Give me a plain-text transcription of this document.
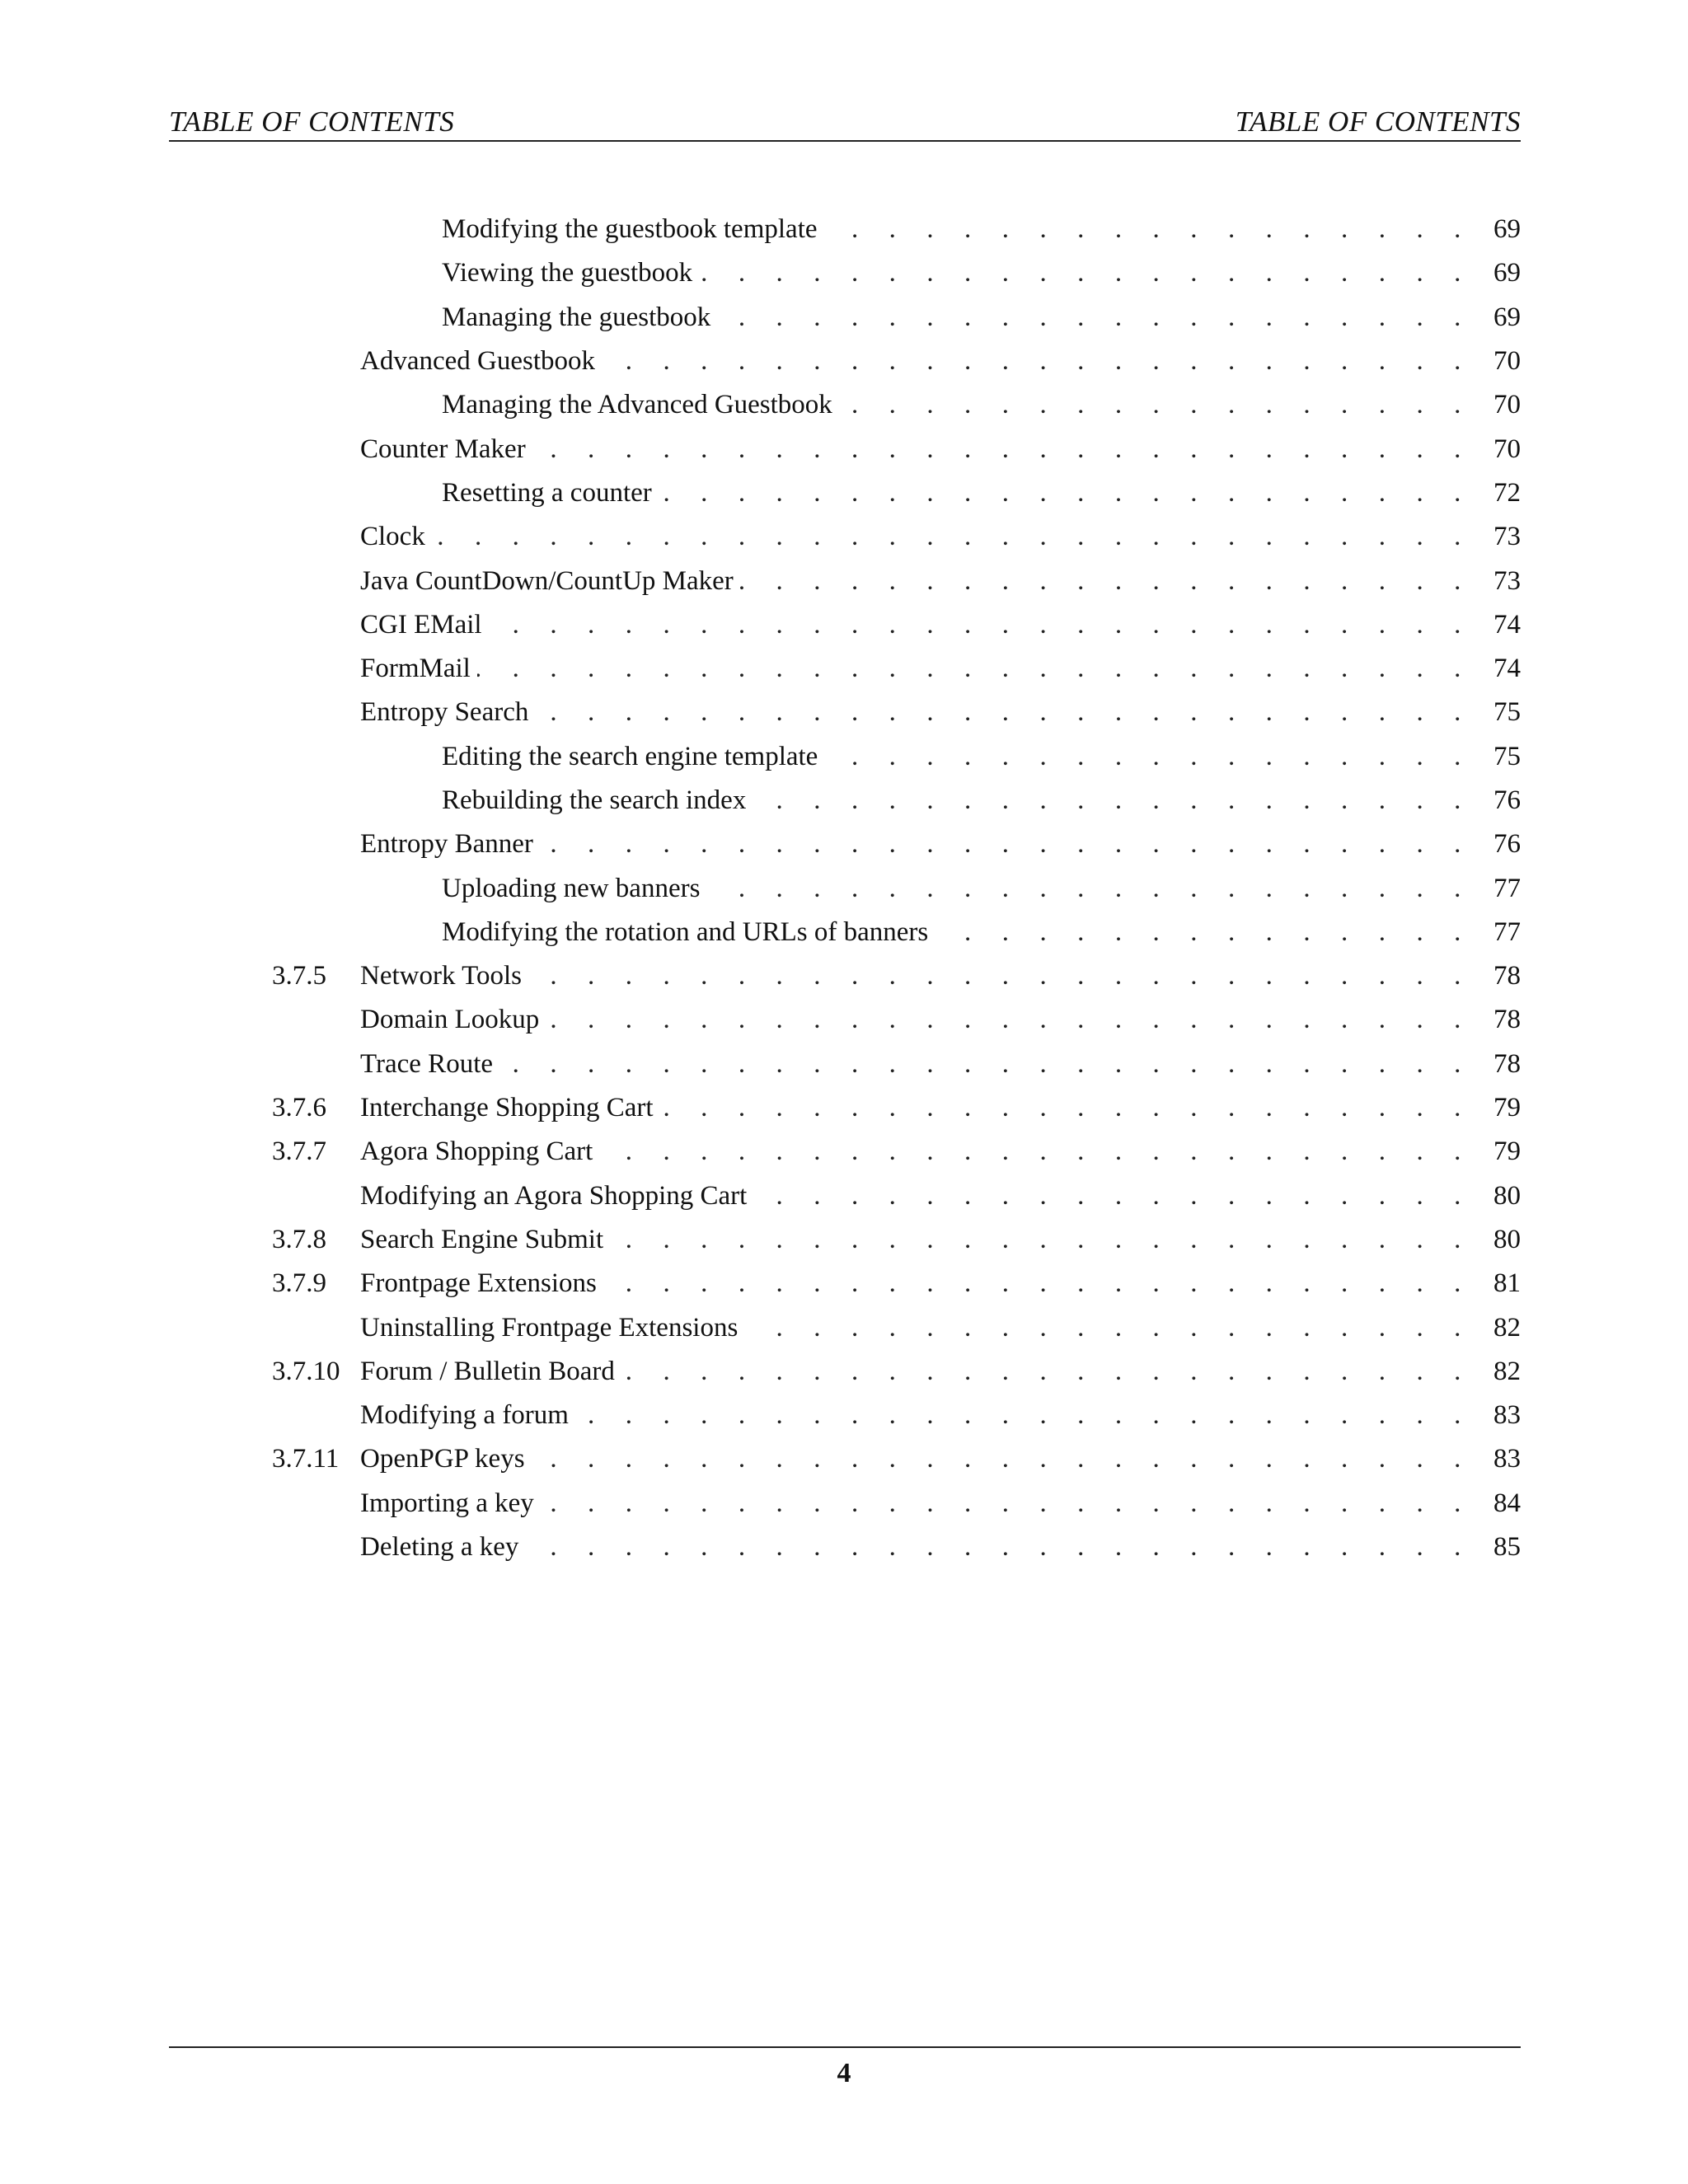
TABLE OF CONTENTS	TABLE OF CONTENTS
Modifying the guestbook template . . .	69
Viewing the guestbook . . .	69
Managing the guestbook . . .	69
Advanced Guestbook . . .	70
Managing the Advanced Guestbook . . .	70
Counter Maker . . .	70
Resetting a counter . . .	72
Clock . . .	73
Java CountDown/CountUp Maker . . .	73
CGI EMail . . .	74
FormMail . . .	74
Entropy Search . . .	75
Editing the search engine template . . .	75
Rebuilding the search index . . .	76
Entropy Banner . . .	76
Uploading new banners . . .	77
Modifying the rotation and URLs of banners . . .	77
3.7.5 Network Tools . . .	78
Domain Lookup . . .	78
Trace Route . . .	78
3.7.6 Interchange Shopping Cart . . .	79
3.7.7 Agora Shopping Cart . . .	79
Modifying an Agora Shopping Cart . . .	80
3.7.8 Search Engine Submit . . .	80
3.7.9 Frontpage Extensions . . .	81
Uninstalling Frontpage Extensions . . .	82
3.7.10 Forum / Bulletin Board . . .	82
Modifying a forum . . .	83
3.7.11 OpenPGP keys . . .	83
Importing a key . . .	84
Deleting a key . . .	85
4
